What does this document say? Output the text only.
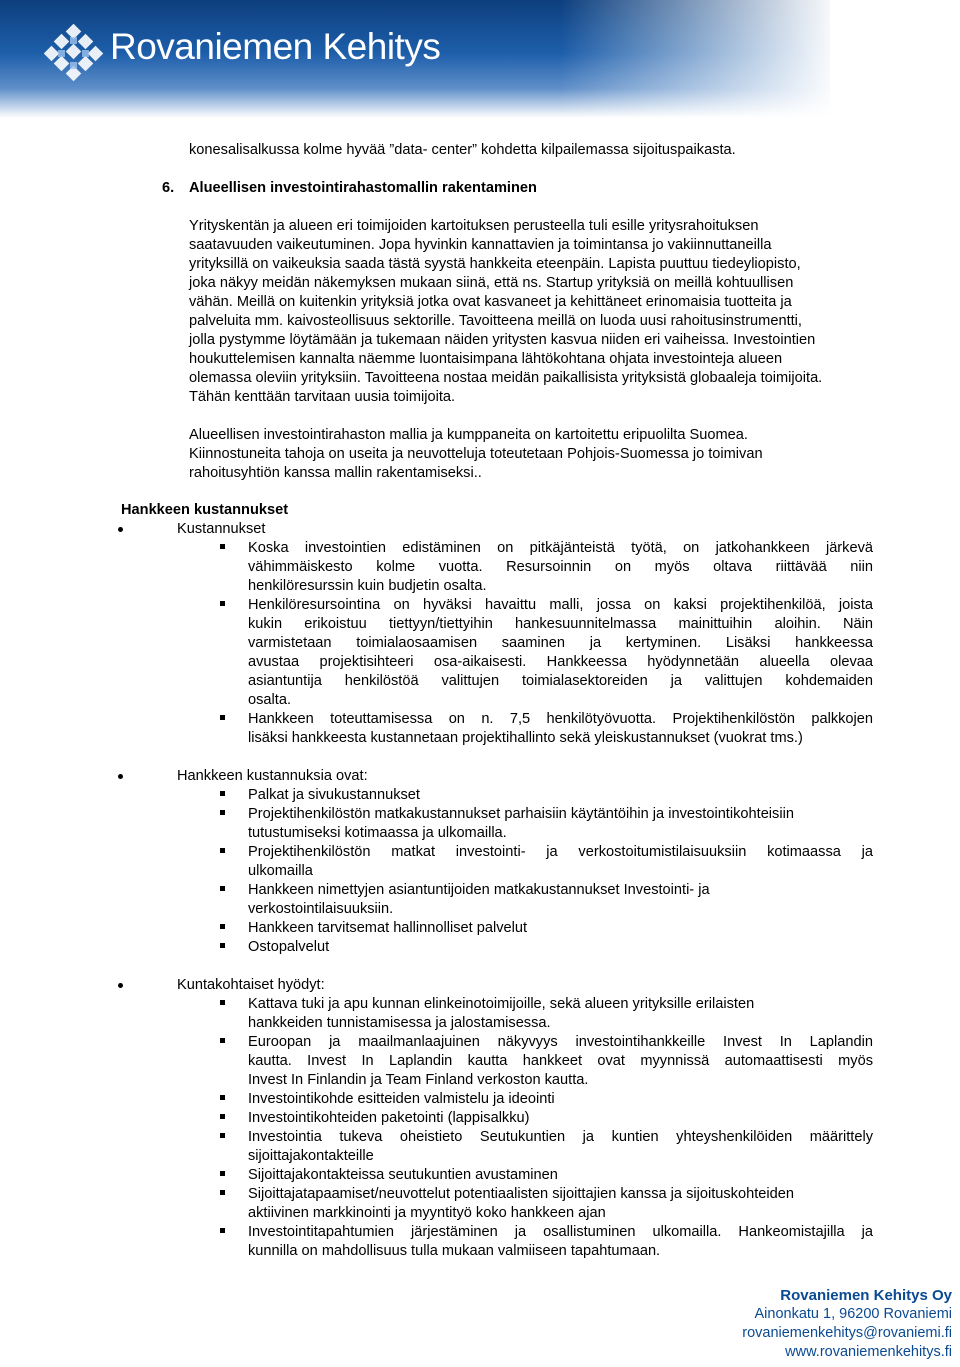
Rovaniemen Kehitys
konesalisalkussa kolme hyvää ”data- center” kohdetta kilpailemassa sijoituspaikasta.
6. Alueellisen investointirahastomallin rakentaminen
Yrityskentän ja alueen eri toimijoiden kartoituksen perusteella tuli esille yritysrahoituksen
saatavuuden vaikeutuminen. Jopa hyvinkin kannattavien ja toimintansa jo vakiinnuttaneilla
yrityksillä on vaikeuksia saada tästä syystä hankkeita eteenpäin. Lapista puuttuu tiedeyliopisto,
joka näkyy meidän näkemyksen mukaan siinä, että ns. Startup yrityksiä on meillä kohtuullisen
vähän. Meillä on kuitenkin yrityksiä jotka ovat kasvaneet ja kehittäneet erinomaisia tuotteita ja
palveluita mm. kaivosteollisuus sektorille. Tavoitteena meillä on luoda uusi rahoitusinstrumentti,
jolla pystymme löytämään ja tukemaan näiden yritysten kasvua niiden eri vaiheissa. Investointien
houkuttelemisen kannalta näemme luontaisimpana lähtökohtana ohjata investointeja alueen
olemassa oleviin yrityksiin. Tavoitteena nostaa meidän paikallisista yrityksistä globaaleja toimijoita.
Tähän kenttään tarvitaan uusia toimijoita.
Alueellisen investointirahaston mallia ja kumppaneita on kartoitettu eripuolilta Suomea.
Kiinnostuneita tahoja on useita ja neuvotteluja toteutetaan Pohjois-Suomessa jo toimivan
rahoitusyhtiön kanssa mallin rakentamiseksi..
Hankkeen kustannukset
Kustannukset
Koska investointien edistäminen on pitkäjänteistä työtä, on jatkohankkeen järkevä
vähimmäiskesto kolme vuotta. Resursoinnin on myös oltava riittävää niin
henkilöresurssin kuin budjetin osalta.
Henkilöresursointina on hyväksi havaittu malli, jossa on kaksi projektihenkilöä, joista
kukin erikoistuu tiettyyn/tiettyihin hankesuunnitelmassa mainittuihin aloihin. Näin
varmistetaan toimialaosaamisen saaminen ja kertyminen. Lisäksi hankkeessa
avustaa projektisihteeri osa-aikaisesti. Hankkeessa hyödynnetään alueella olevaa
asiantuntija henkilöstöä valittujen toimialasektoreiden ja valittujen kohdemaiden
osalta.
Hankkeen toteuttamisessa on n. 7,5 henkilötyövuotta. Projektihenkilöstön palkkojen
lisäksi hankkeesta kustannetaan projektihallinto sekä yleiskustannukset (vuokrat tms.)
Hankkeen kustannuksia ovat:
Palkat ja sivukustannukset
Projektihenkilöstön matkakustannukset parhaisiin käytäntöihin ja investointikohteisiin
tutustumiseksi kotimaassa ja ulkomailla.
Projektihenkilöstön matkat investointi- ja verkostoitumistilaisuuksiin kotimaassa ja
ulkomailla
Hankkeen nimettyjen asiantuntijoiden matkakustannukset Investointi- ja
verkostointilaisuuksiin.
Hankkeen tarvitsemat hallinnolliset palvelut
Ostopalvelut
Kuntakohtaiset hyödyt:
Kattava tuki ja apu kunnan elinkeinotoimijoille, sekä alueen yrityksille erilaisten
hankkeiden tunnistamisessa ja jalostamisessa.
Euroopan ja maailmanlaajuinen näkyvyys investointihankkeille Invest In Laplandin
kautta. Invest In Laplandin kautta hankkeet ovat myynnissä automaattisesti myös
Invest In Finlandin ja Team Finland verkoston kautta.
Investointikohde esitteiden valmistelu ja ideointi
Investointikohteiden paketointi (lappisalkku)
Investointia tukeva oheistieto Seutukuntien ja kuntien yhteyshenkilöiden määrittely
sijoittajakontakteille
Sijoittajakontakteissa seutukuntien avustaminen
Sijoittajatapaamiset/neuvottelut potentiaalisten sijoittajien kanssa ja sijoituskohteiden
aktiivinen markkinointi ja myyntityö koko hankkeen ajan
Investointitapahtumien järjestäminen ja osallistuminen ulkomailla. Hankeomistajilla ja
kunnilla on mahdollisuus tulla mukaan valmiiseen tapahtumaan.
Rovaniemen Kehitys Oy
Ainonkatu 1, 96200 Rovaniemi
rovaniemenkehitys@rovaniemi.fi
www.rovaniemenkehitys.fi
